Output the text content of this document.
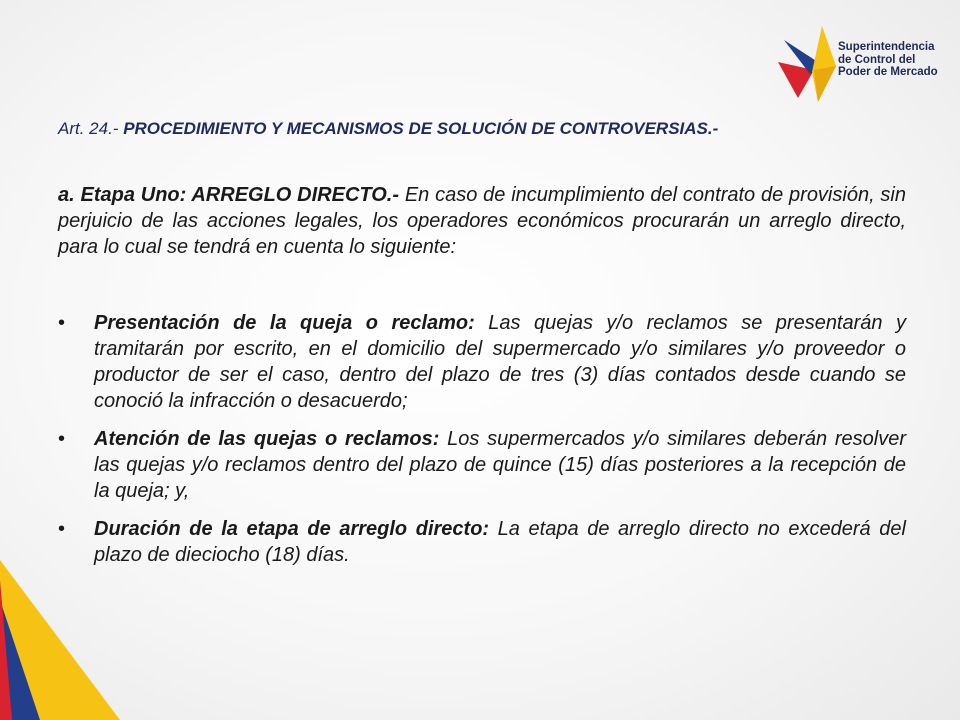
Superintendencia
de Control del
Poder de Mercado
Art. 24.- PROCEDIMIENTO Y MECANISMOS DE SOLUCIÓN DE CONTROVERSIAS.-
a. Etapa Uno: ARREGLO DIRECTO.- En caso de incumplimiento del contrato de provisión, sin perjuicio de las acciones legales, los operadores económicos procurarán un arreglo directo, para lo cual se tendrá en cuenta lo siguiente:
• Presentación de la queja o reclamo: Las quejas y/o reclamos se presentarán y tramitarán por escrito, en el domicilio del supermercado y/o similares y/o proveedor o productor de ser el caso, dentro del plazo de tres (3) días contados desde cuando se conoció la infracción o desacuerdo;
• Atención de las quejas o reclamos: Los supermercados y/o similares deberán resolver las quejas y/o reclamos dentro del plazo de quince (15) días posteriores a la recepción de la queja; y,
• Duración de la etapa de arreglo directo: La etapa de arreglo directo no excederá del plazo de dieciocho (18) días.
